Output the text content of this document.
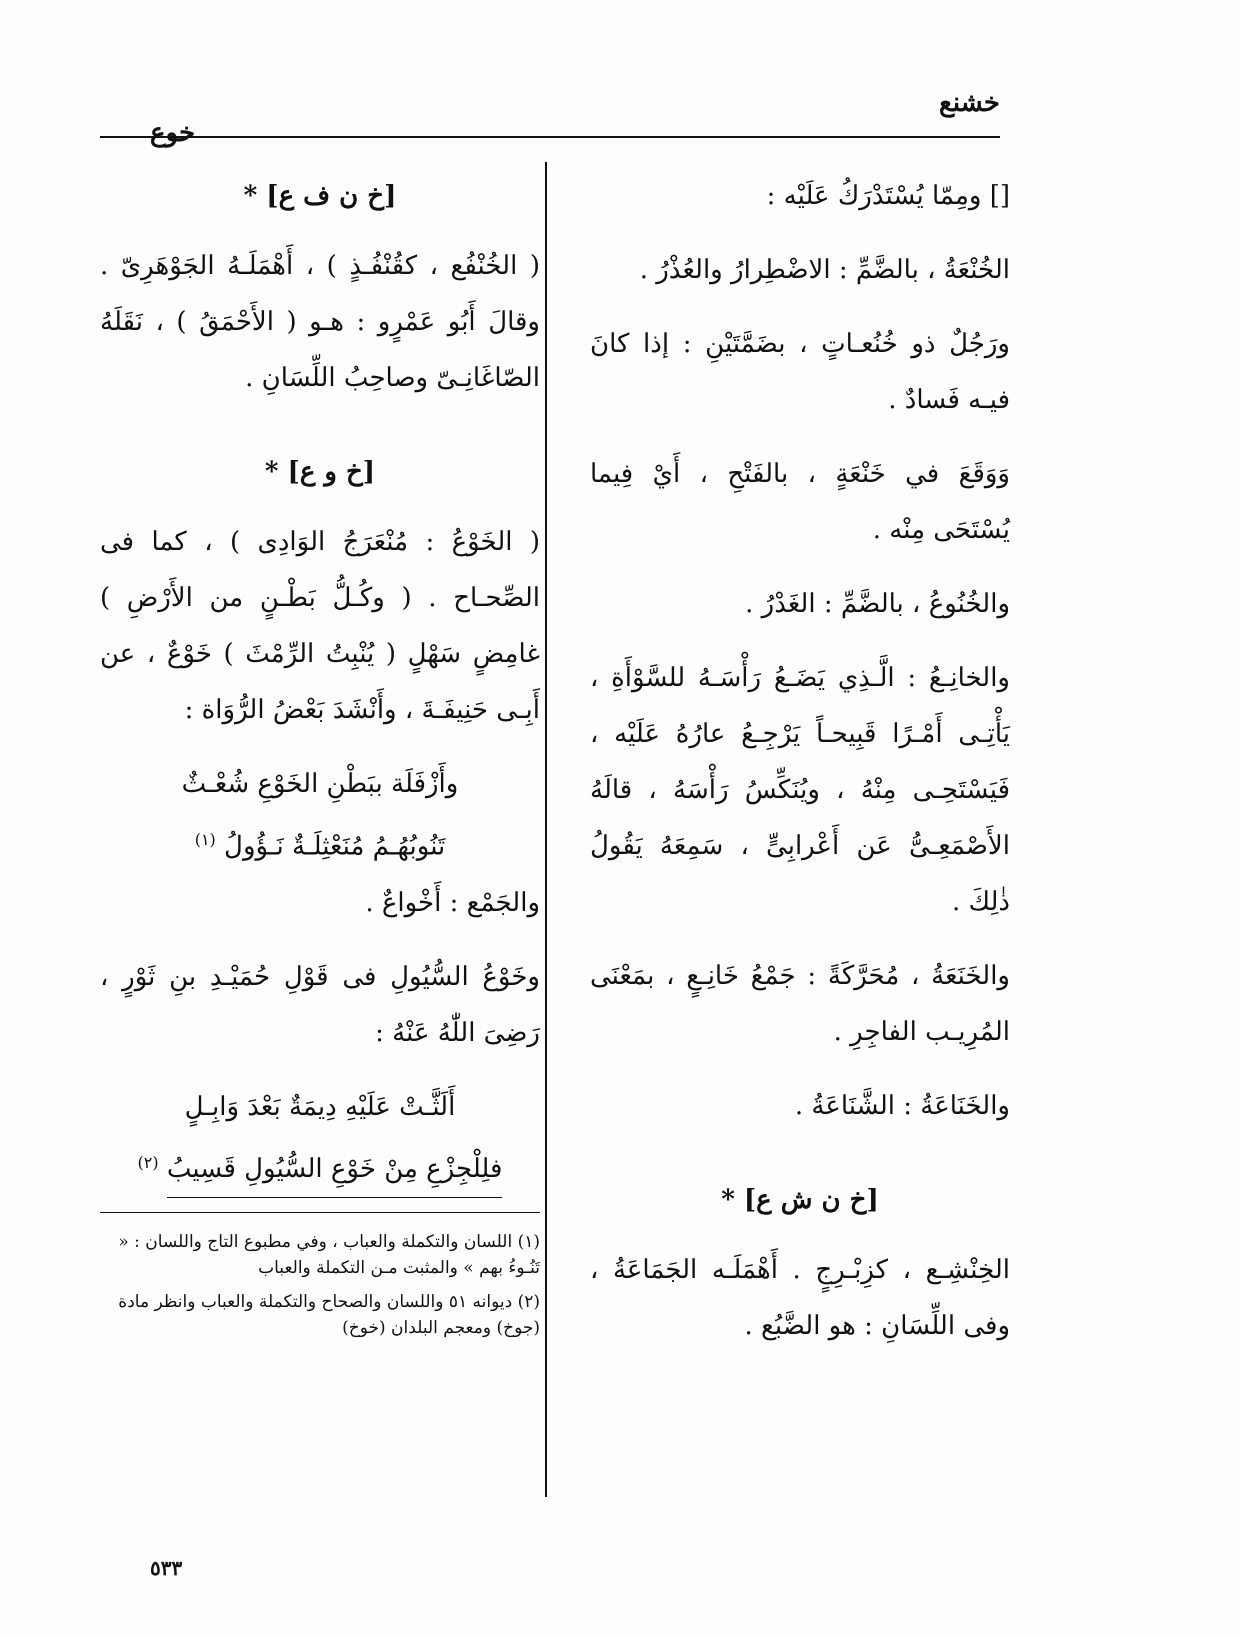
خشنع
خوع

[] ومِمّا يُسْتَدْرَكُ عَلَيْه :

الخُنْعَةُ ، بالضَّمِّ : الاضْطِرارُ والعُذْرُ .

ورَجُلٌ ذو خُنُعـاتٍ ، بضَمَّتَيْنِ : إذا كانَ فيـه فَسادٌ .

وَوَقَعَ في خَنْعَةٍ ، بالفَتْحِ ، أَيْ فِيما يُسْتَحَى مِنْه .

والخُنُوعُ ، بالضَّمِّ : الغَدْرُ .

والخانِـعُ : الَّـذِي يَضَـعُ رَأْسَـهُ للسَّوْأَةِ ، يَأْتِـى أَمْـرًا قَبِيحـاً يَرْجِـعُ عارُهُ عَلَيْه ، فَيَسْتَحِـى مِنْهُ ، ويُنَكِّسُ رَأْسَهُ ، قالَهُ الأَصْمَعِـىُّ عَن أَعْرابِىٍّ ، سَمِعَهُ يَقُولُ ذٰلِكَ .

والخَنَعَةُ ، مُحَرَّكَةً : جَمْعُ خَانِـعٍ ، بمَعْنَى المُرِيـب الفاجِرِ .

والخَنَاعَةُ : الشَّنَاعَةُ .

[خ ن ش ع] *

الخِنْشِـع ، كزِبْـرِجٍ . أَهْمَلَـه الجَمَاعَةُ ، وفى اللِّسَانِ : هو الضَّبُع .

[خ ن ف ع] *

( الخُنْفُع ، كقُنْفُـذٍ ) ، أَهْمَلَـهُ الجَوْهَرِىّ . وقالَ أَبُو عَمْرٍو : هـو ( الأَحْمَقُ ) ، نَقَلَهُ الصّاغَانِـىّ وصاحِبُ اللِّسَانِ .

[خ و ع] *

( الخَوْعُ : مُنْعَرَجُ الوَادِى ) ، كما فى الصِّحـاح . ( وكُـلُّ بَطْـنٍ من الأَرْضِ ) غامِضٍ سَهْلٍ ( يُنْبِتُ الرِّمْثَ ) خَوْعٌ ، عن أَبِـى حَنِيفَـةَ ، وأَنْشَدَ بَعْضُ الرُّوَاة :

وأَزْفَلَة ببَطْنِ الخَوْعِ شُعْـثٌ
تَنُوبُهُـمُ مُنَعْثِلَـةٌ نَـؤُولُ $^{(١)}$

والجَمْع : أَخْواعٌ .

وخَوْعُ السُّيُولِ فى قَوْلِ حُمَيْـدِ بنِ ثَوْرٍ ، رَضِىَ اللّٰهُ عَنْهُ :

أَلَثَّـتْ عَلَيْهِ دِيمَةٌ بَعْدَ وَابِـلٍ
فلِلْجِزْعِ مِنْ خَوْعِ السُّيُولِ قَسِيبُ $^{(٢)}$

(١) اللسان والتكملة والعباب ، وفي مطبوع التاج واللسان : « تَنُـوءُ بهم » والمثبت مـن التكملة والعباب

(٢) ديوانه ٥١ واللسان والصحاح والتكملة والعباب وانظر مادة (جوخ) ومعجم البلدان (خوخ)

٥٣٣
